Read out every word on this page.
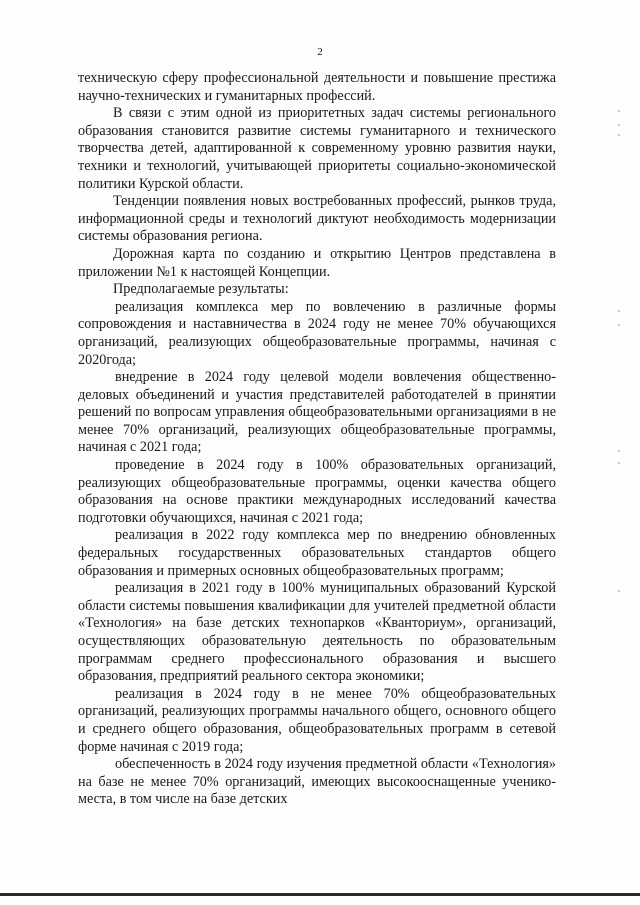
2

техническую сферу профессиональной деятельности и повышение престижа научно-технических и гуманитарных профессий.

В связи с этим одной из приоритетных задач системы регионального образования становится развитие системы гуманитарного и технического творчества детей, адаптированной к современному уровню развития науки, техники и технологий, учитывающей приоритеты социально-экономической политики Курской области.

Тенденции появления новых востребованных профессий, рынков труда, информационной среды и технологий диктуют необходимость модернизации системы образования региона.

Дорожная карта по созданию и открытию Центров представлена в приложении №1 к настоящей Концепции.

Предполагаемые результаты:

реализация комплекса мер по вовлечению в различные формы сопровождения и наставничества в 2024 году не менее 70% обучающихся организаций, реализующих общеобразовательные программы, начиная с 2020года;

внедрение в 2024 году целевой модели вовлечения общественно-деловых объединений и участия представителей работодателей в принятии решений по вопросам управления общеобразовательными организациями в не менее 70% организаций, реализующих общеобразовательные программы, начиная с 2021 года;

проведение в 2024 году в 100% образовательных организаций, реализующих общеобразовательные программы, оценки качества общего образования на основе практики международных исследований качества подготовки обучающихся, начиная с 2021 года;

реализация в 2022 году комплекса мер по внедрению обновленных федеральных государственных образовательных стандартов общего образования и примерных основных общеобразовательных программ;

реализация в 2021 году в 100% муниципальных образований Курской области системы повышения квалификации для учителей предметной области «Технология» на базе детских технопарков «Кванториум», организаций, осуществляющих образовательную деятельность по образовательным программам среднего профессионального образования и высшего образования, предприятий реального сектора экономики;

реализация в 2024 году в не менее 70% общеобразовательных организаций, реализующих программы начального общего, основного общего и среднего общего образования, общеобразовательных программ в сетевой форме начиная с 2019 года;

обеспеченность в 2024 году изучения предметной области «Технология» на базе не менее 70% организаций, имеющих высокооснащенные ученико-места, в том числе на базе детских
